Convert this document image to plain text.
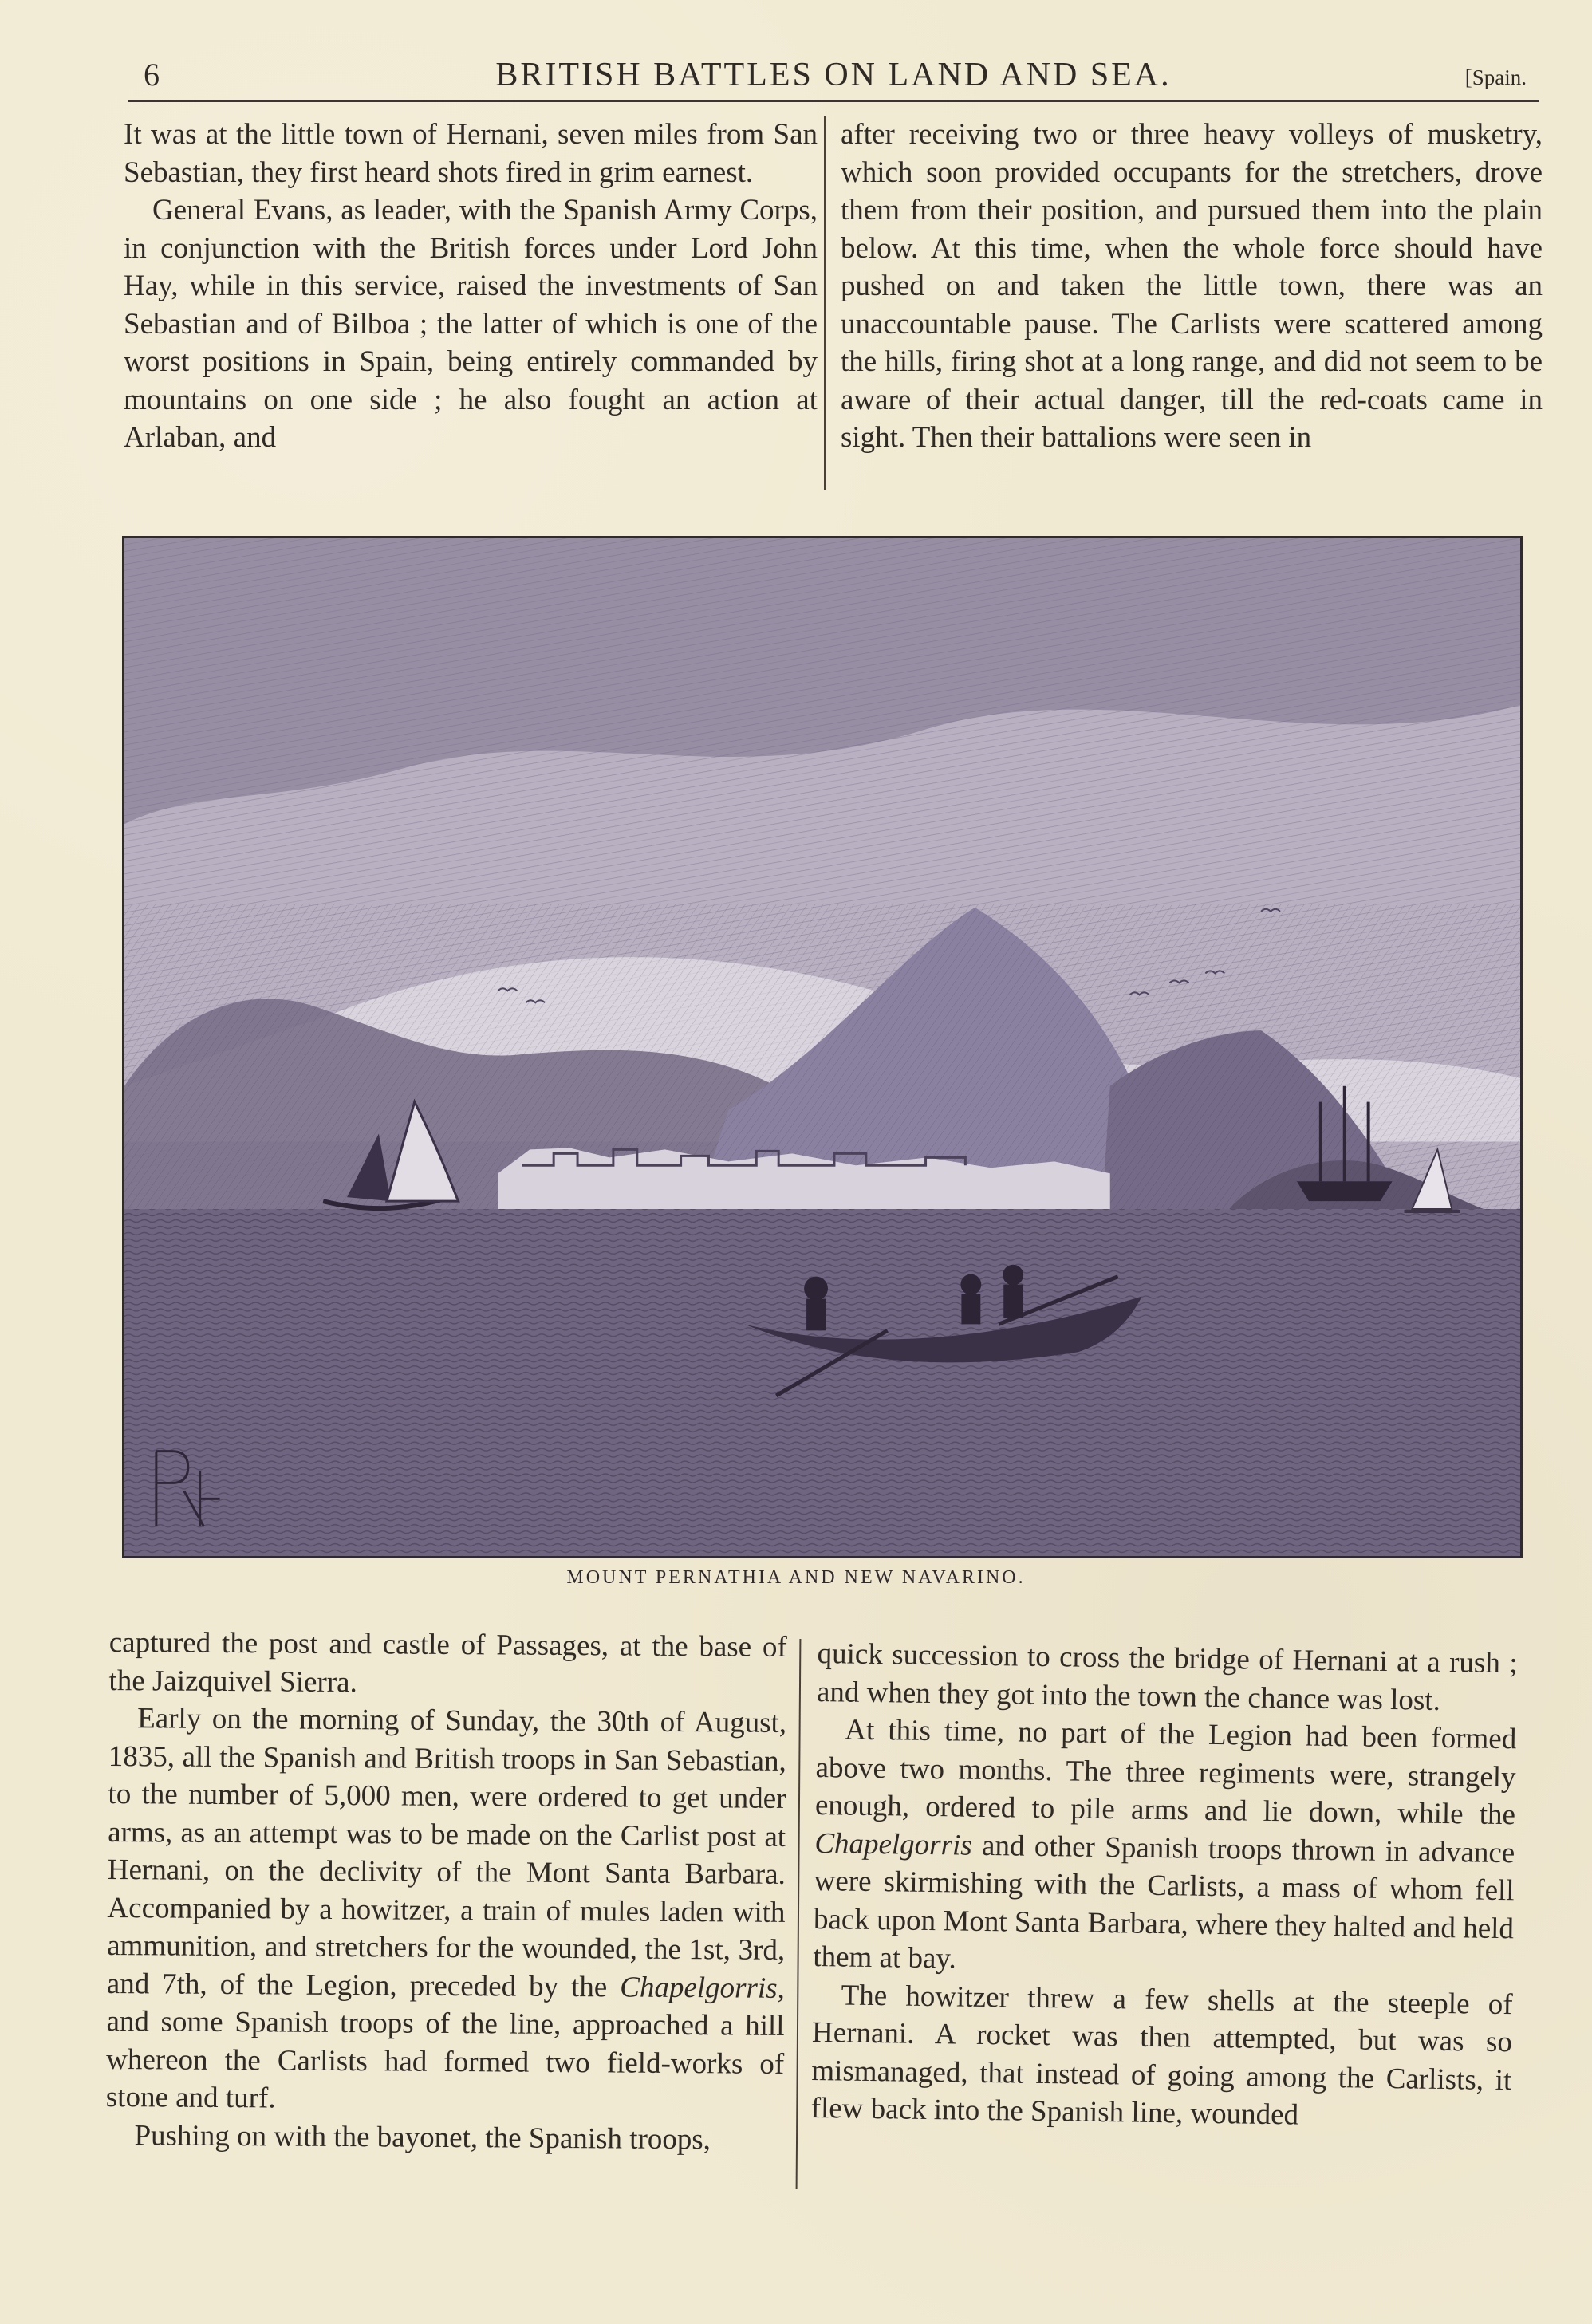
6	BRITISH BATTLES ON LAND AND SEA.	[Spain.

It was at the little town of Hernani, seven miles from San Sebastian, they first heard shots fired in grim earnest.

General Evans, as leader, with the Spanish Army Corps, in conjunction with the British forces under Lord John Hay, while in this service, raised the investments of San Sebastian and of Bilboa ; the latter of which is one of the worst positions in Spain, being entirely commanded by mountains on one side ; he also fought an action at Arlaban, and

after receiving two or three heavy volleys of musketry, which soon provided occupants for the stretchers, drove them from their position, and pursued them into the plain below. At this time, when the whole force should have pushed on and taken the little town, there was an unaccountable pause. The Carlists were scattered among the hills, firing shot at a long range, and did not seem to be aware of their actual danger, till the red-coats came in sight. Then their battalions were seen in

MOUNT PERNATHIA AND NEW NAVARINO.

captured the post and castle of Passages, at the base of the Jaizquivel Sierra.

Early on the morning of Sunday, the 30th of August, 1835, all the Spanish and British troops in San Sebastian, to the number of 5,000 men, were ordered to get under arms, as an attempt was to be made on the Carlist post at Hernani, on the declivity of the Mont Santa Barbara. Accompanied by a howitzer, a train of mules laden with ammunition, and stretchers for the wounded, the 1st, 3rd, and 7th, of the Legion, preceded by the Chapelgorris, and some Spanish troops of the line, approached a hill whereon the Carlists had formed two field-works of stone and turf.

Pushing on with the bayonet, the Spanish troops,

quick succession to cross the bridge of Hernani at a rush ; and when they got into the town the chance was lost.

At this time, no part of the Legion had been formed above two months. The three regiments were, strangely enough, ordered to pile arms and lie down, while the Chapelgorris and other Spanish troops thrown in advance were skirmishing with the Carlists, a mass of whom fell back upon Mont Santa Barbara, where they halted and held them at bay.

The howitzer threw a few shells at the steeple of Hernani. A rocket was then attempted, but was so mismanaged, that instead of going among the Carlists, it flew back into the Spanish line, wounded
